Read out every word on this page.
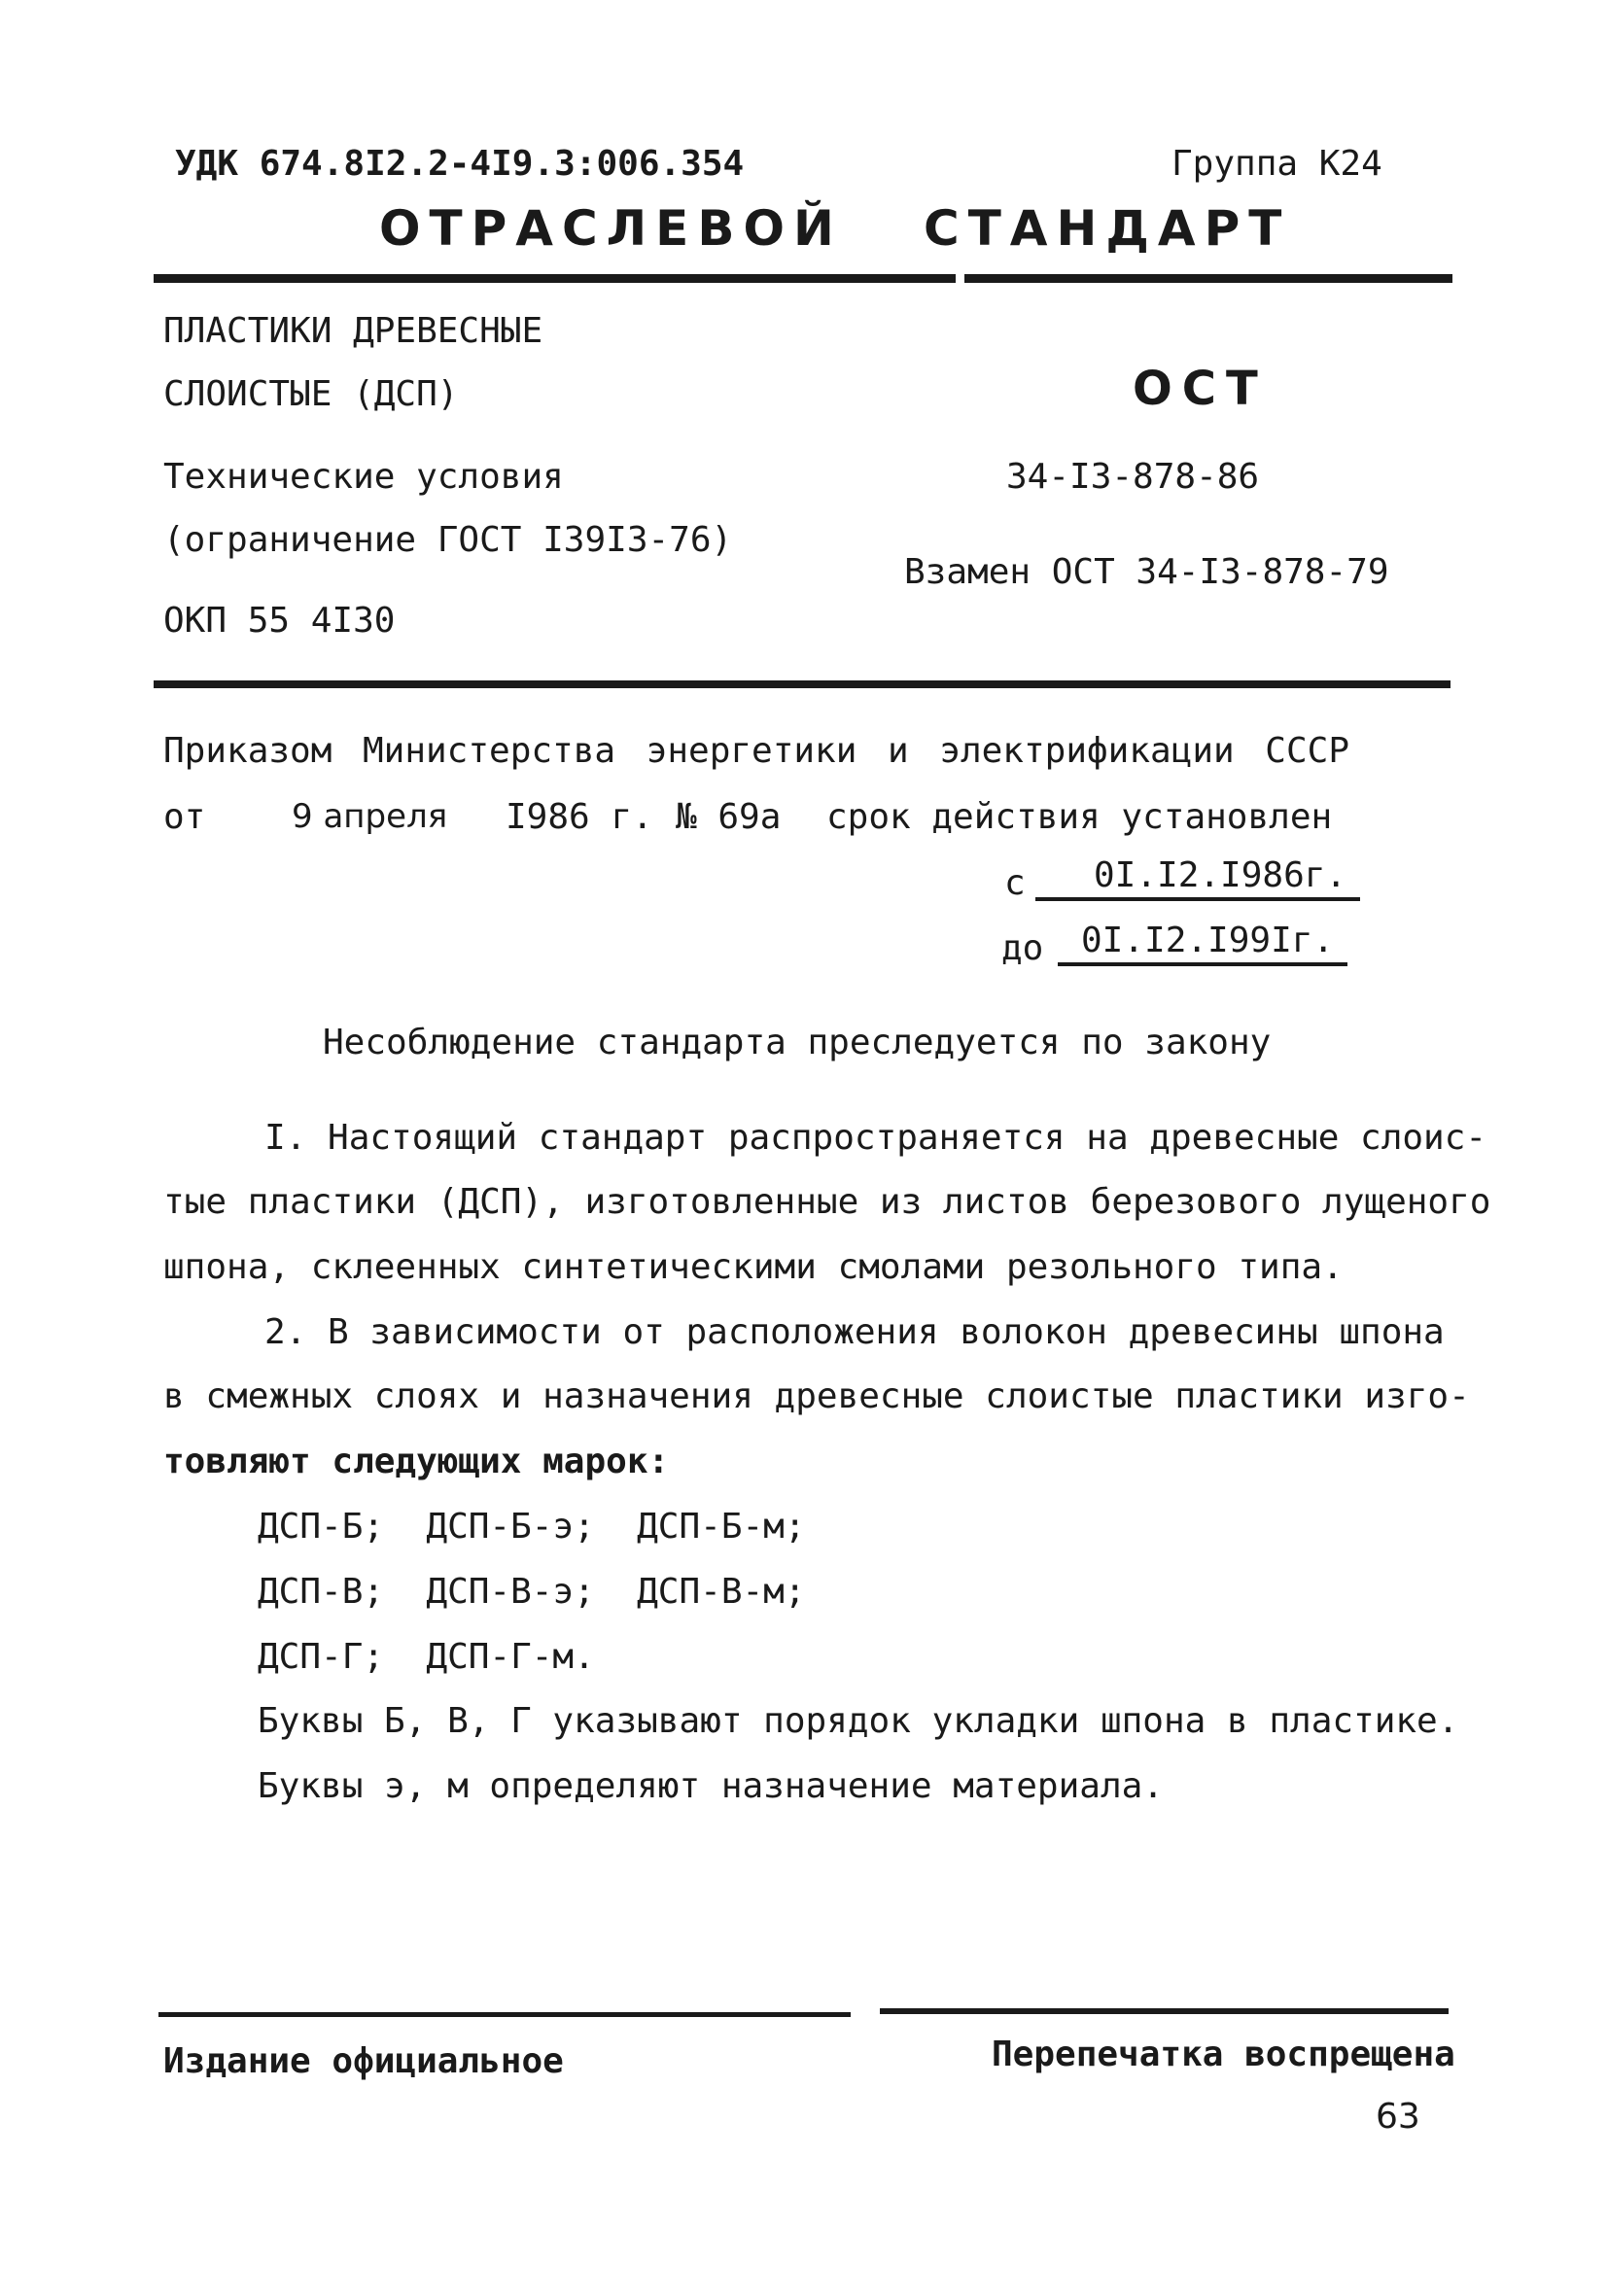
УДК 674.8I2.2-4I9.3:006.354	Группа К24
ОТРАСЛЕВОЙ СТАНДАРТ
ПЛАСТИКИ ДРЕВЕСНЫЕ
СЛОИСТЫЕ (ДСП)	ОСТ
Технические условия	34-I3-878-86
(ограничение ГОСТ I39I3-76)
Взамен ОСТ 34-I3-878-79
ОКП 55 4I30
Приказом Министерства энергетики и электрификации СССР
от	9 апреля I986 г. № 69а срок действия установлен
с	0I.I2.I986г.
до	0I.I2.I99Iг.
Несоблюдение стандарта преследуется по закону
I. Настоящий стандарт распространяется на древесные слоис-
тые пластики (ДСП), изготовленные из листов березового лущеного
шпона, склеенных синтетическими смолами резольного типа.
2. В зависимости от расположения волокон древесины шпона
в смежных слоях и назначения древесные слоистые пластики изго-
товляют следующих марок:
ДСП-Б;  ДСП-Б-э;  ДСП-Б-м;
ДСП-В;  ДСП-В-э;  ДСП-В-м;
ДСП-Г;  ДСП-Г-м.
Буквы Б, В, Г указывают порядок укладки шпона в пластике.
Буквы э, м определяют назначение материала.
Издание официальное	Перепечатка воспрещена
63
